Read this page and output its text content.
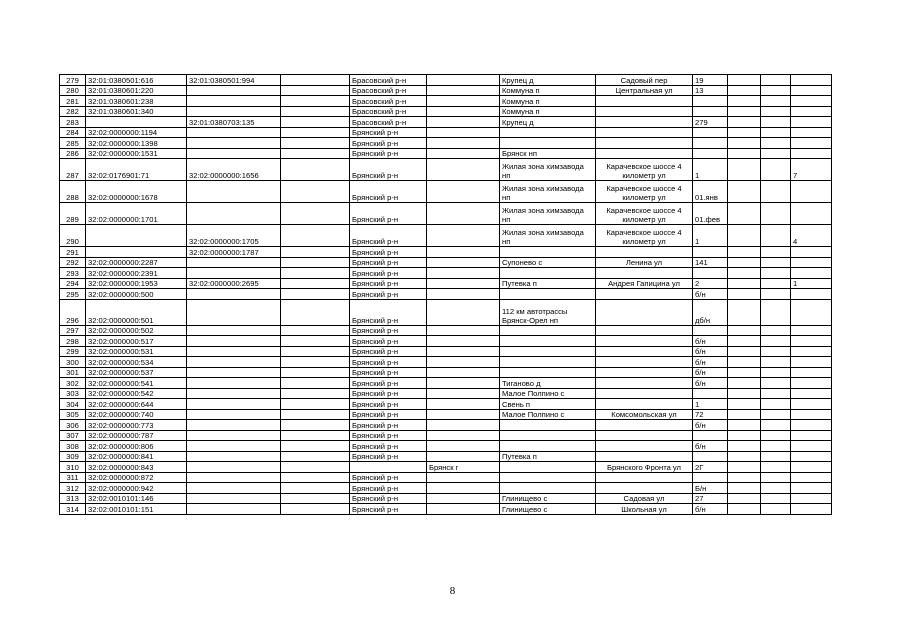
279	32:01:0380501:616	32:01:0380501:994		Брасовский р-н		Крупец д	Садовый пер	19			
280	32:01:0380601:220			Брасовский р-н		Коммуна п	Центральная ул	13			
281	32:01:0380601:238			Брасовский р-н		Коммуна п					
282	32:01:0380601:340			Брасовский р-н		Коммуна п					
283		32:01:0380703:135		Брасовский р-н		Крупец д		279			
284	32:02:0000000:1194			Брянский р-н							
285	32:02:0000000:1398			Брянский р-н							
286	32:02:0000000:1531			Брянский р-н		Брянск нп					
287	32:02:0176901:71	32:02:0000000:1656		Брянский р-н		Жилая зона химзавода нп	Карачевское шоссе 4 километр ул	1			7
288	32:02:0000000:1678			Брянский р-н		Жилая зона химзавода нп	Карачевское шоссе 4 километр ул	01.янв			
289	32:02:0000000:1701			Брянский р-н		Жилая зона химзавода нп	Карачевское шоссе 4 километр ул	01.фев			
290		32:02:0000000:1705		Брянский р-н		Жилая зона химзавода нп	Карачевское шоссе 4 километр ул	1			4
291		32:02:0000000:1787		Брянский р-н							
292	32:02:0000000:2287			Брянский р-н		Супонево с	Ленина ул	141			
293	32:02:0000000:2391			Брянский р-н							
294	32:02:0000000:1953	32:02:0000000:2695		Брянский р-н		Путевка п	Андрея Гапицина ул	2			1
295	32:02:0000000:500			Брянский р-н				б/н			
296	32:02:0000000:501			Брянский р-н		112 км автотрассы Брянск-Орел нп		дб/н			
297	32:02:0000000:502			Брянский р-н							
298	32:02:0000000:517			Брянский р-н				б/н			
299	32:02:0000000:531			Брянский р-н				б/н			
300	32:02:0000000:534			Брянский р-н				б/н			
301	32:02:0000000:537			Брянский р-н				б/н			
302	32:02:0000000:541			Брянский р-н		Тиганово д		б/н			
303	32:02:0000000:542			Брянский р-н		Малое Полпино с					
304	32:02:0000000:644			Брянский р-н		Свень п		1			
305	32:02:0000000:740			Брянский р-н		Малое Полпино с	Комсомольская ул	72			
306	32:02:0000000:773			Брянский р-н				б/н			
307	32:02:0000000:787			Брянский р-н							
308	32:02:0000000:806			Брянский р-н				б/н			
309	32:02:0000000:841			Брянский р-н		Путевка п					
310	32:02:0000000:843				Брянск г		Брянского Фронта ул	2Г			
311	32:02:0000000:872			Брянский р-н							
312	32:02:0000000:942			Брянский р-н				Б/н			
313	32:02:0010101:146			Брянский р-н		Глинищево с	Садовая ул	27			
314	32:02:0010101:151			Брянский р-н		Глинищево с	Школьная ул	б/н			
8
